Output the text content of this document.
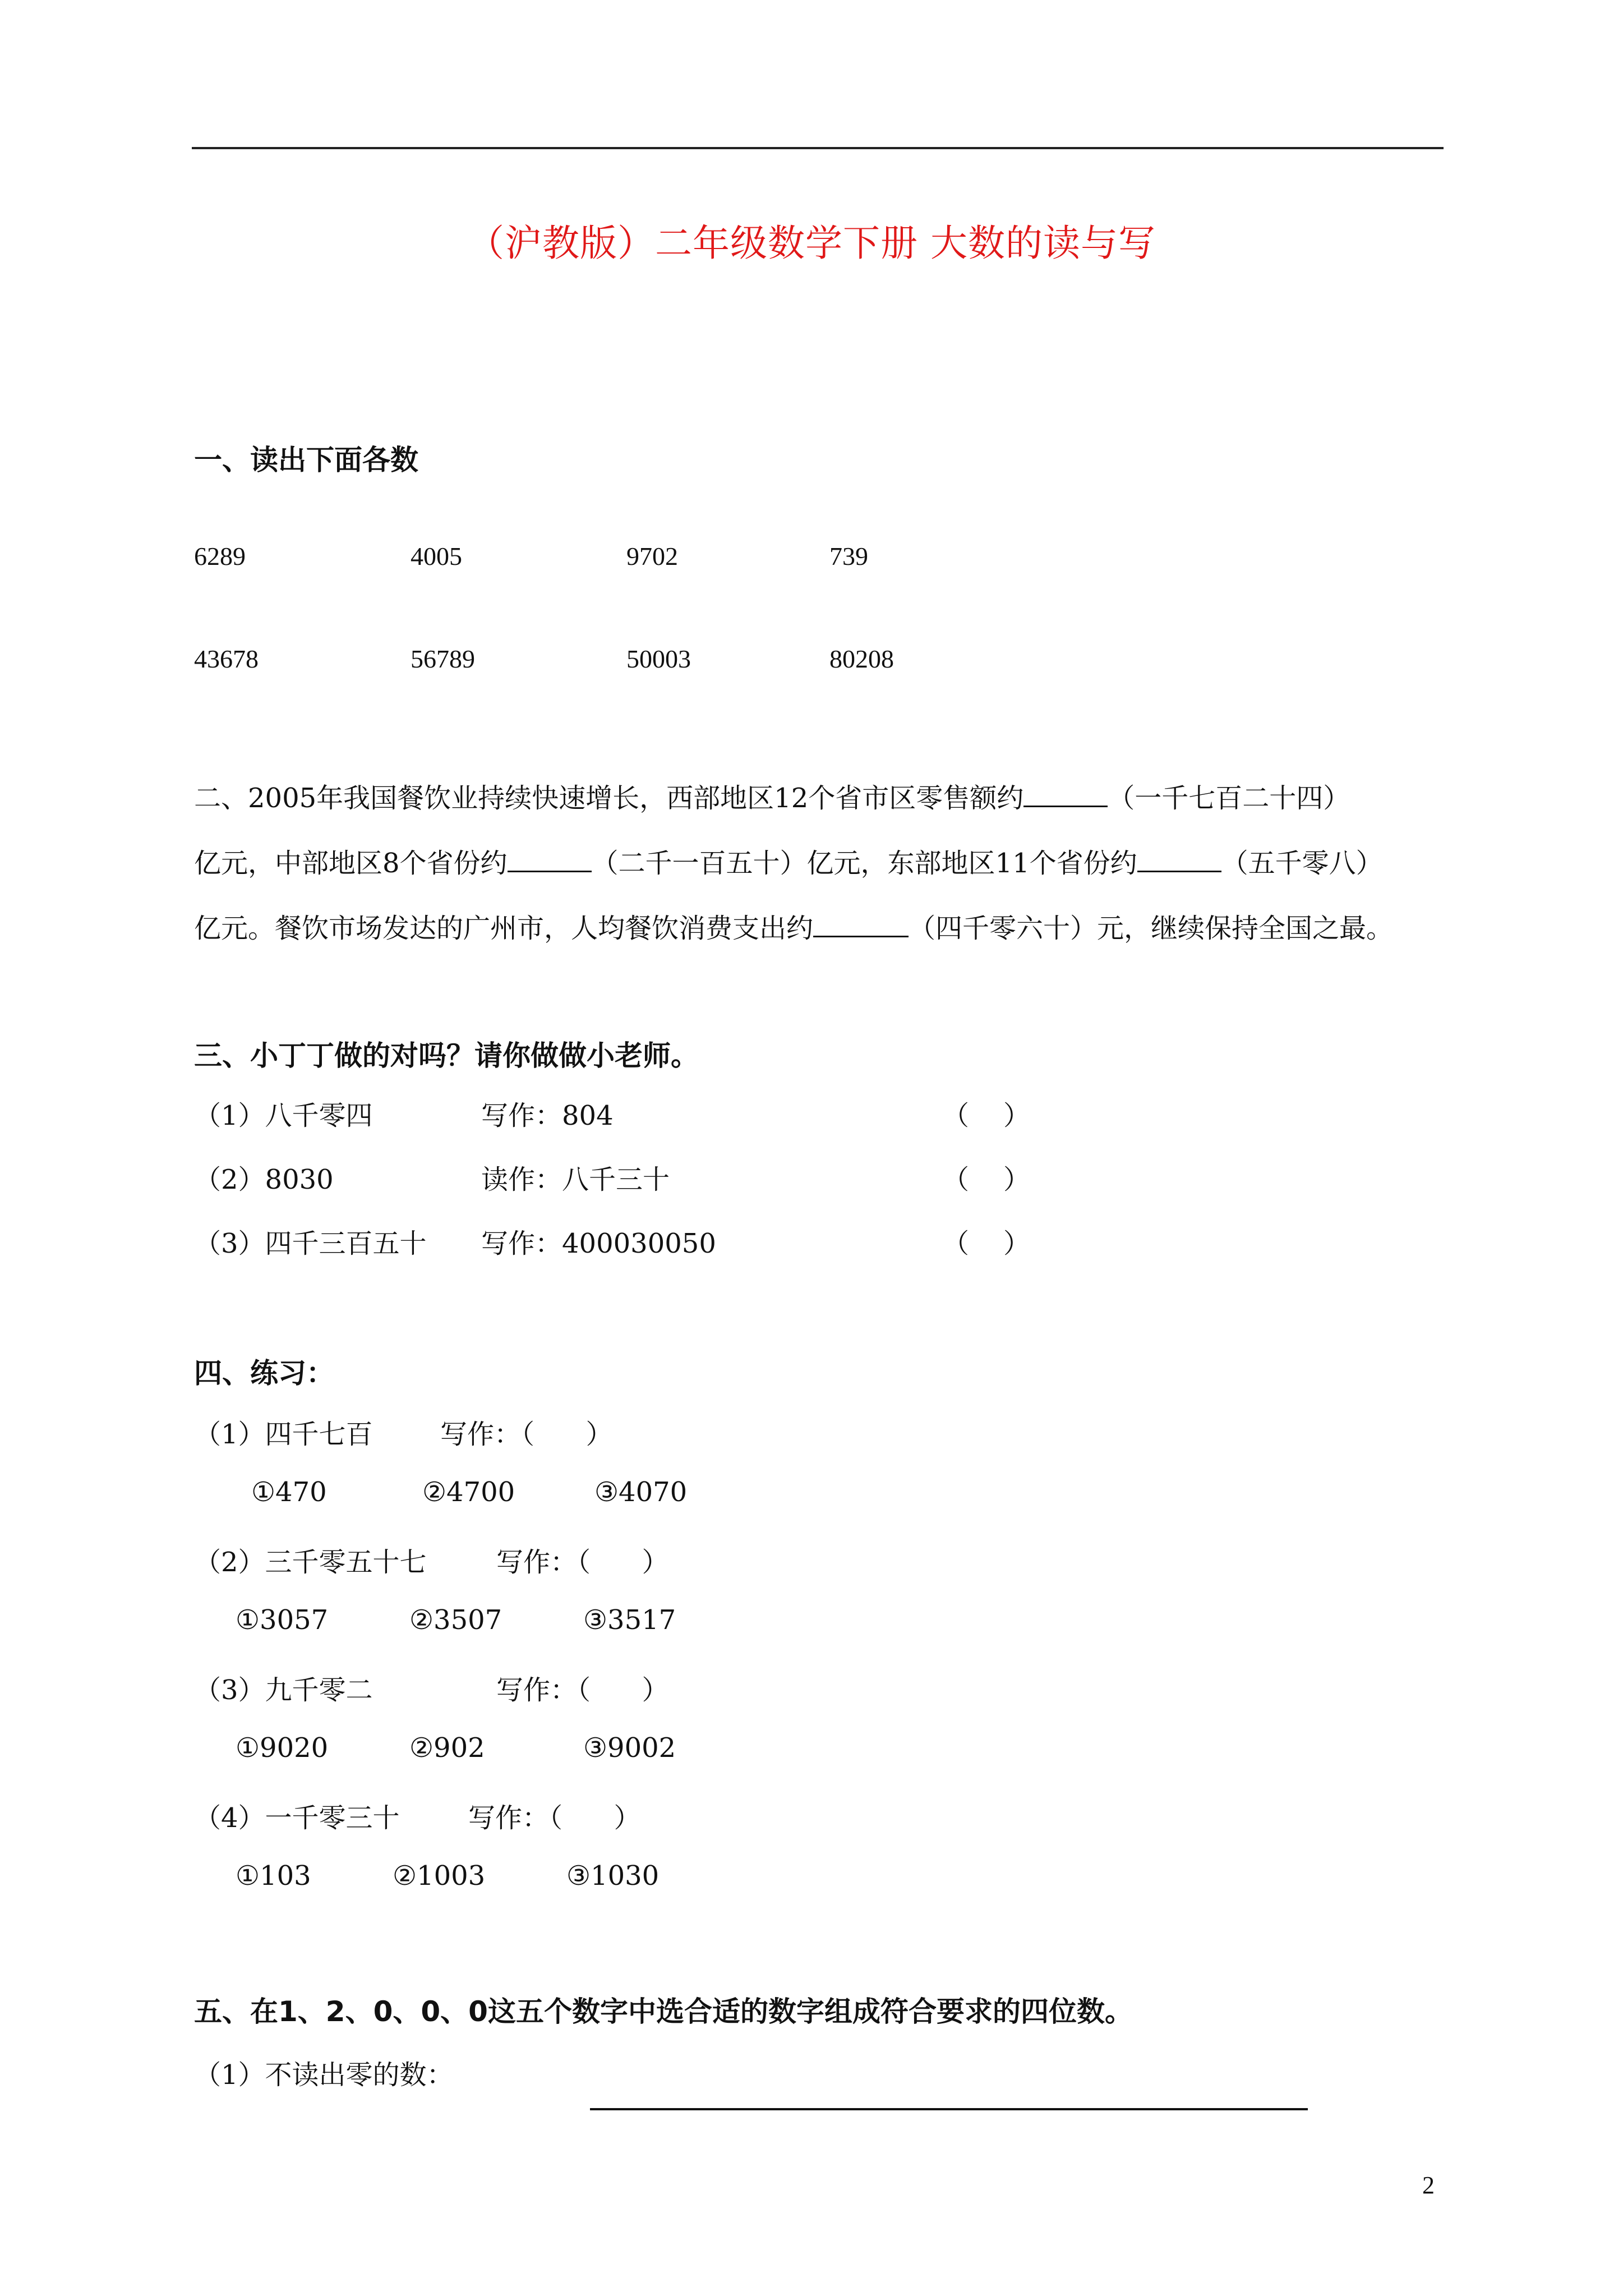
（沪教版）二年级数学下册 大数的读与写
一、读出下面各数
6289	4005	9702	739
43678	56789	50003	80208
二、2005年我国餐饮业持续快速增长，西部地区12个省市区零售额约	（一千七百二十四）
亿元，中部地区8个省份约	（二千一百五十）亿元，东部地区11个省份约	（五千零八）
亿元。餐饮市场发达的广州市，人均餐饮消费支出约	（四千零六十）元，继续保持全国之最。
三、小丁丁做的对吗？请你做做小老师。
（1）八千零四	写作：804	（    ）
（2）8030	读作：八千三十	（    ）
（3）四千三百五十 写作：400030050	（    ）
四、练习：
（1）四千七百	写作：（      ）
①470	②4700	③4070
（2）三千零五十七	写作：（      ）
①3057	②3507	③3517
（3）九千零二	写作：（      ）
①9020	②902	③9002
（4）一千零三十	写作：（      ）
①103	②1003	③1030
五、在1、2、0、0、0这五个数字中选合适的数字组成符合要求的四位数。
（1）不读出零的数：
2
